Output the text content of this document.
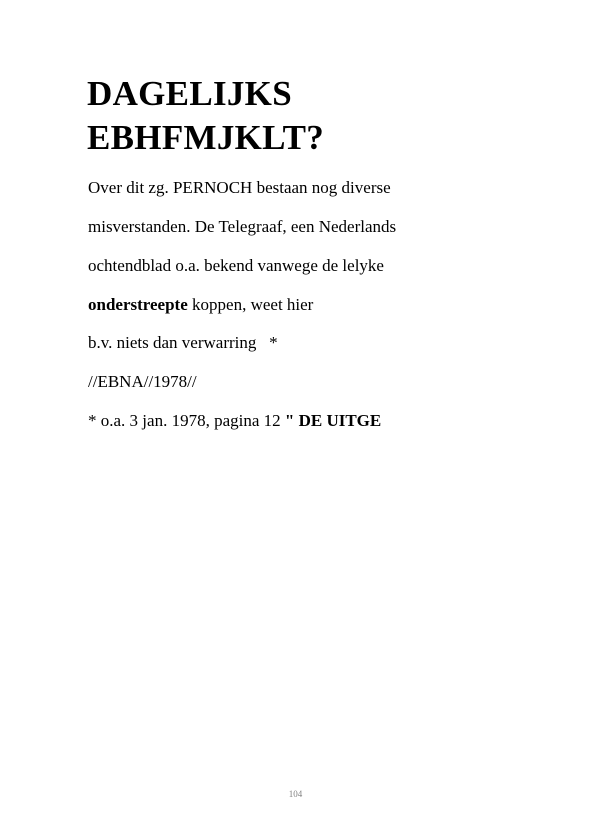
DAGELIJKS
EBHFMJKLT?

Over dit zg. PERNOCH bestaan nog diverse

misverstanden. De Telegraaf, een Nederlands

ochtendblad o.a. bekend vanwege de lelyke

onderstreepte koppen, weet hier

b.v. niets dan verwarring   *

//EBNA//1978//

* o.a. 3 jan. 1978, pagina 12 " DE UITGE

104
